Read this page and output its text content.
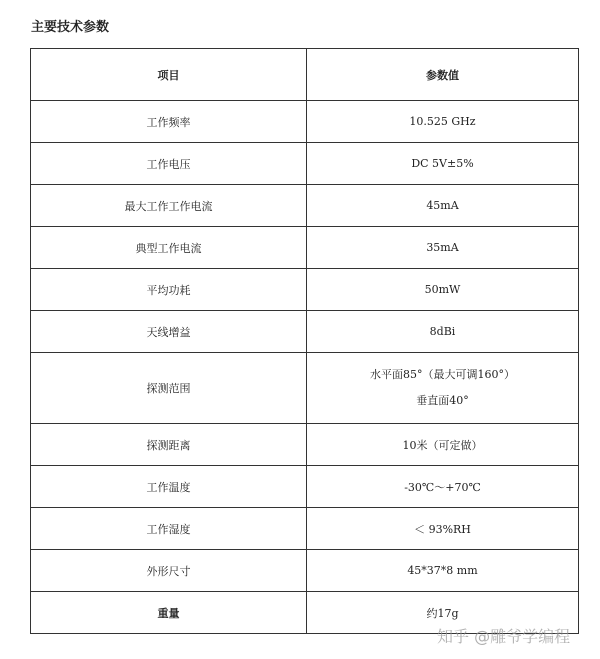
主要技术参数
项目	参数值
工作频率	10.525 GHz
工作电压	DC 5V±5%
最大工作工作电流	45mA
典型工作电流	35mA
平均功耗	50mW
天线增益	8dBi
探测范围	水平面85°（最大可调160°）
垂直面40°

探测距离	10米（可定做）
工作温度	-30℃～+70℃
工作湿度	＜ 93%RH
外形尺寸	45*37*8 mm
重量	约17g
知乎 @雕爷学编程
